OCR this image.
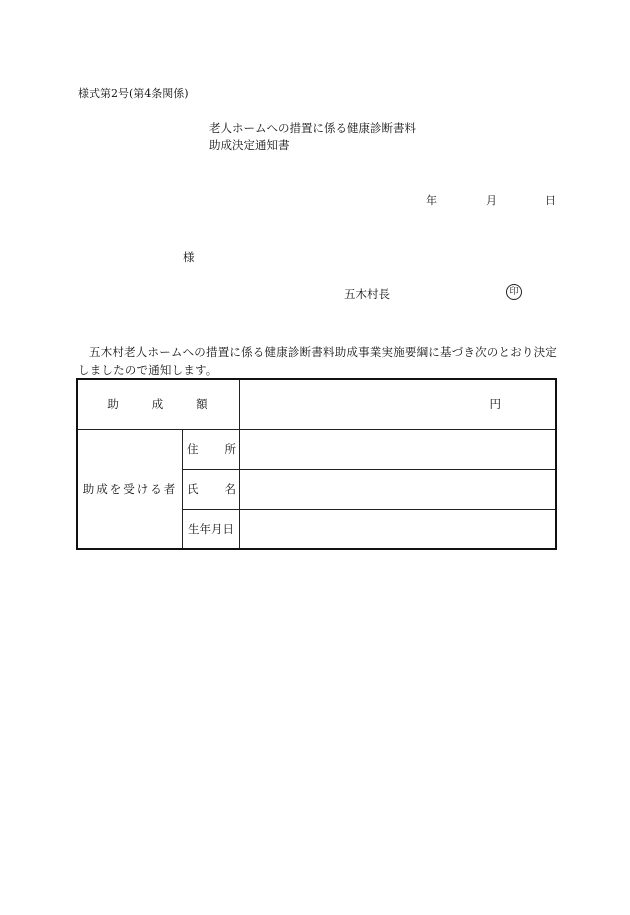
様式第2号(第4条関係)
老人ホームへの措置に係る健康診断書料
助成決定通知書
年	月	日
様
五木村長	印
五木村老人ホームへの措置に係る健康診断書料助成事業実施要綱に基づき次のとおり決定しましたので通知します。
助 成 額		円

助成を受ける者	住 所	

	氏 名	

	生年月日	
